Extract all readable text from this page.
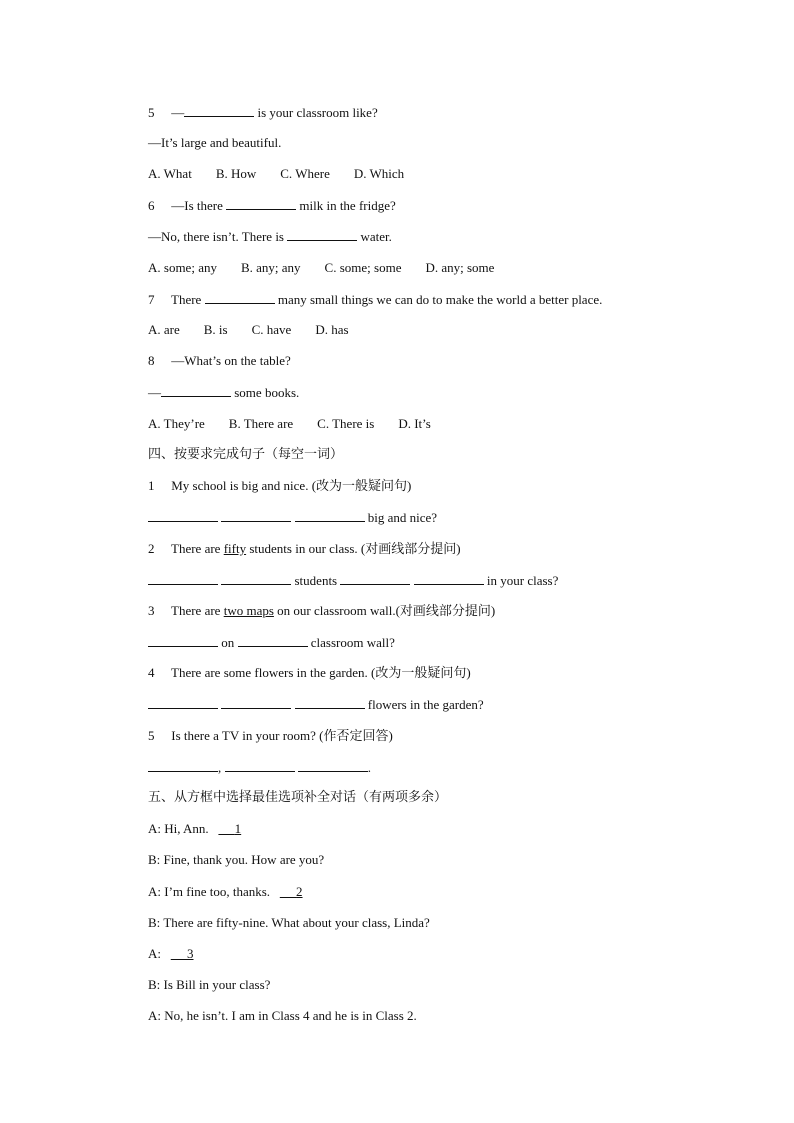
5 —	is your classroom like?
—It’s large and beautiful.
A. What B. How C. Where D. Which
6 —Is there	milk in the fridge?
—No, there isn’t. There is	water.
A. some; any B. any; any C. some; some D. any; some
7 There	many small things we can do to make the world a better place.
A. are B. is C. have D. has
8 —What’s on the table?
—	some books.
A. They’re B. There are C. There is D. It’s
四、按要求完成句子（每空一词）
1 My school is big and nice. (改为一般疑问句)
big and nice?
2 There are fifty students in our class. (对画线部分提问)
students	in your class?
3 There are two maps on our classroom wall.(对画线部分提问)
on	classroom wall?
4 There are some flowers in the garden. (改为一般疑问句)
flowers in the garden?
5 Is there a TV in your room? (作否定回答)
,	.
五、从方框中选择最佳选项补全对话（有两项多余）
A: Hi, Ann. 1
B: Fine, thank you. How are you?
A: I’m fine too, thanks. 2
B: There are fifty-nine. What about your class, Linda?
A: 3
B: Is Bill in your class?
A: No, he isn’t. I am in Class 4 and he is in Class 2.
